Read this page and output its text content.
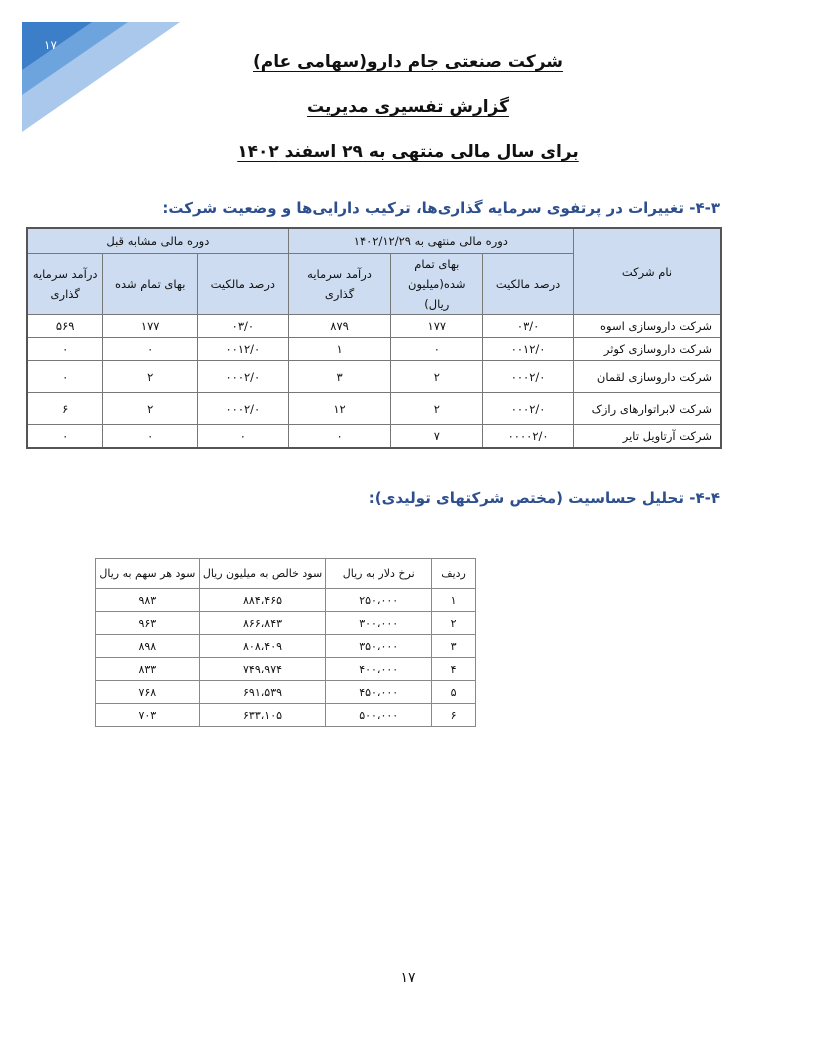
۱۷
شرکت صنعتی جام دارو(سهامی عام)
گزارش تفسیری مدیریت
برای سال مالی منتهی به ۲۹ اسفند ۱۴۰۲
۴-۳- تغییرات در پرتفوی سرمایه گذاری‌ها، ترکیب دارایی‌ها و وضعیت شرکت:
نام شرکت	دوره مالی منتهی به ۱۴۰۲/۱۲/۲۹			دوره مالی مشابه قبل		
	درصد مالکیت	بهای تمام شده(میلیون ریال)	درآمد سرمایه گذاری	درصد مالکیت	بهای تمام شده	درآمد سرمایه گذاری
شرکت داروسازی اسوه	۰۳/۰	۱۷۷	۸۷۹	۰۳/۰	۱۷۷	۵۶۹
شرکت داروسازی کوثر	۰۰۱۲/۰	۰	۱	۰۰۱۲/۰	۰	۰
شرکت داروسازی لقمان	۰۰۰۲/۰	۲	۳	۰۰۰۲/۰	۲	۰
شرکت لابراتوارهای رازک	۰۰۰۲/۰	۲	۱۲	۰۰۰۲/۰	۲	۶
شرکت آرتاویل تایر	۰۰۰۰۲/۰	۷	۰	۰	۰	۰
۴-۴- تحلیل حساسیت (مختص شرکتهای تولیدی):
ردیف	نرخ دلار به ریال	سود خالص به میلیون ریال	سود هر سهم به ریال
۱	۲۵۰،۰۰۰	۸۸۴،۴۶۵	۹۸۳
۲	۳۰۰،۰۰۰	۸۶۶،۸۴۳	۹۶۳
۳	۳۵۰،۰۰۰	۸۰۸،۴۰۹	۸۹۸
۴	۴۰۰،۰۰۰	۷۴۹،۹۷۴	۸۳۳
۵	۴۵۰،۰۰۰	۶۹۱،۵۳۹	۷۶۸
۶	۵۰۰،۰۰۰	۶۳۳،۱۰۵	۷۰۳
۱۷
